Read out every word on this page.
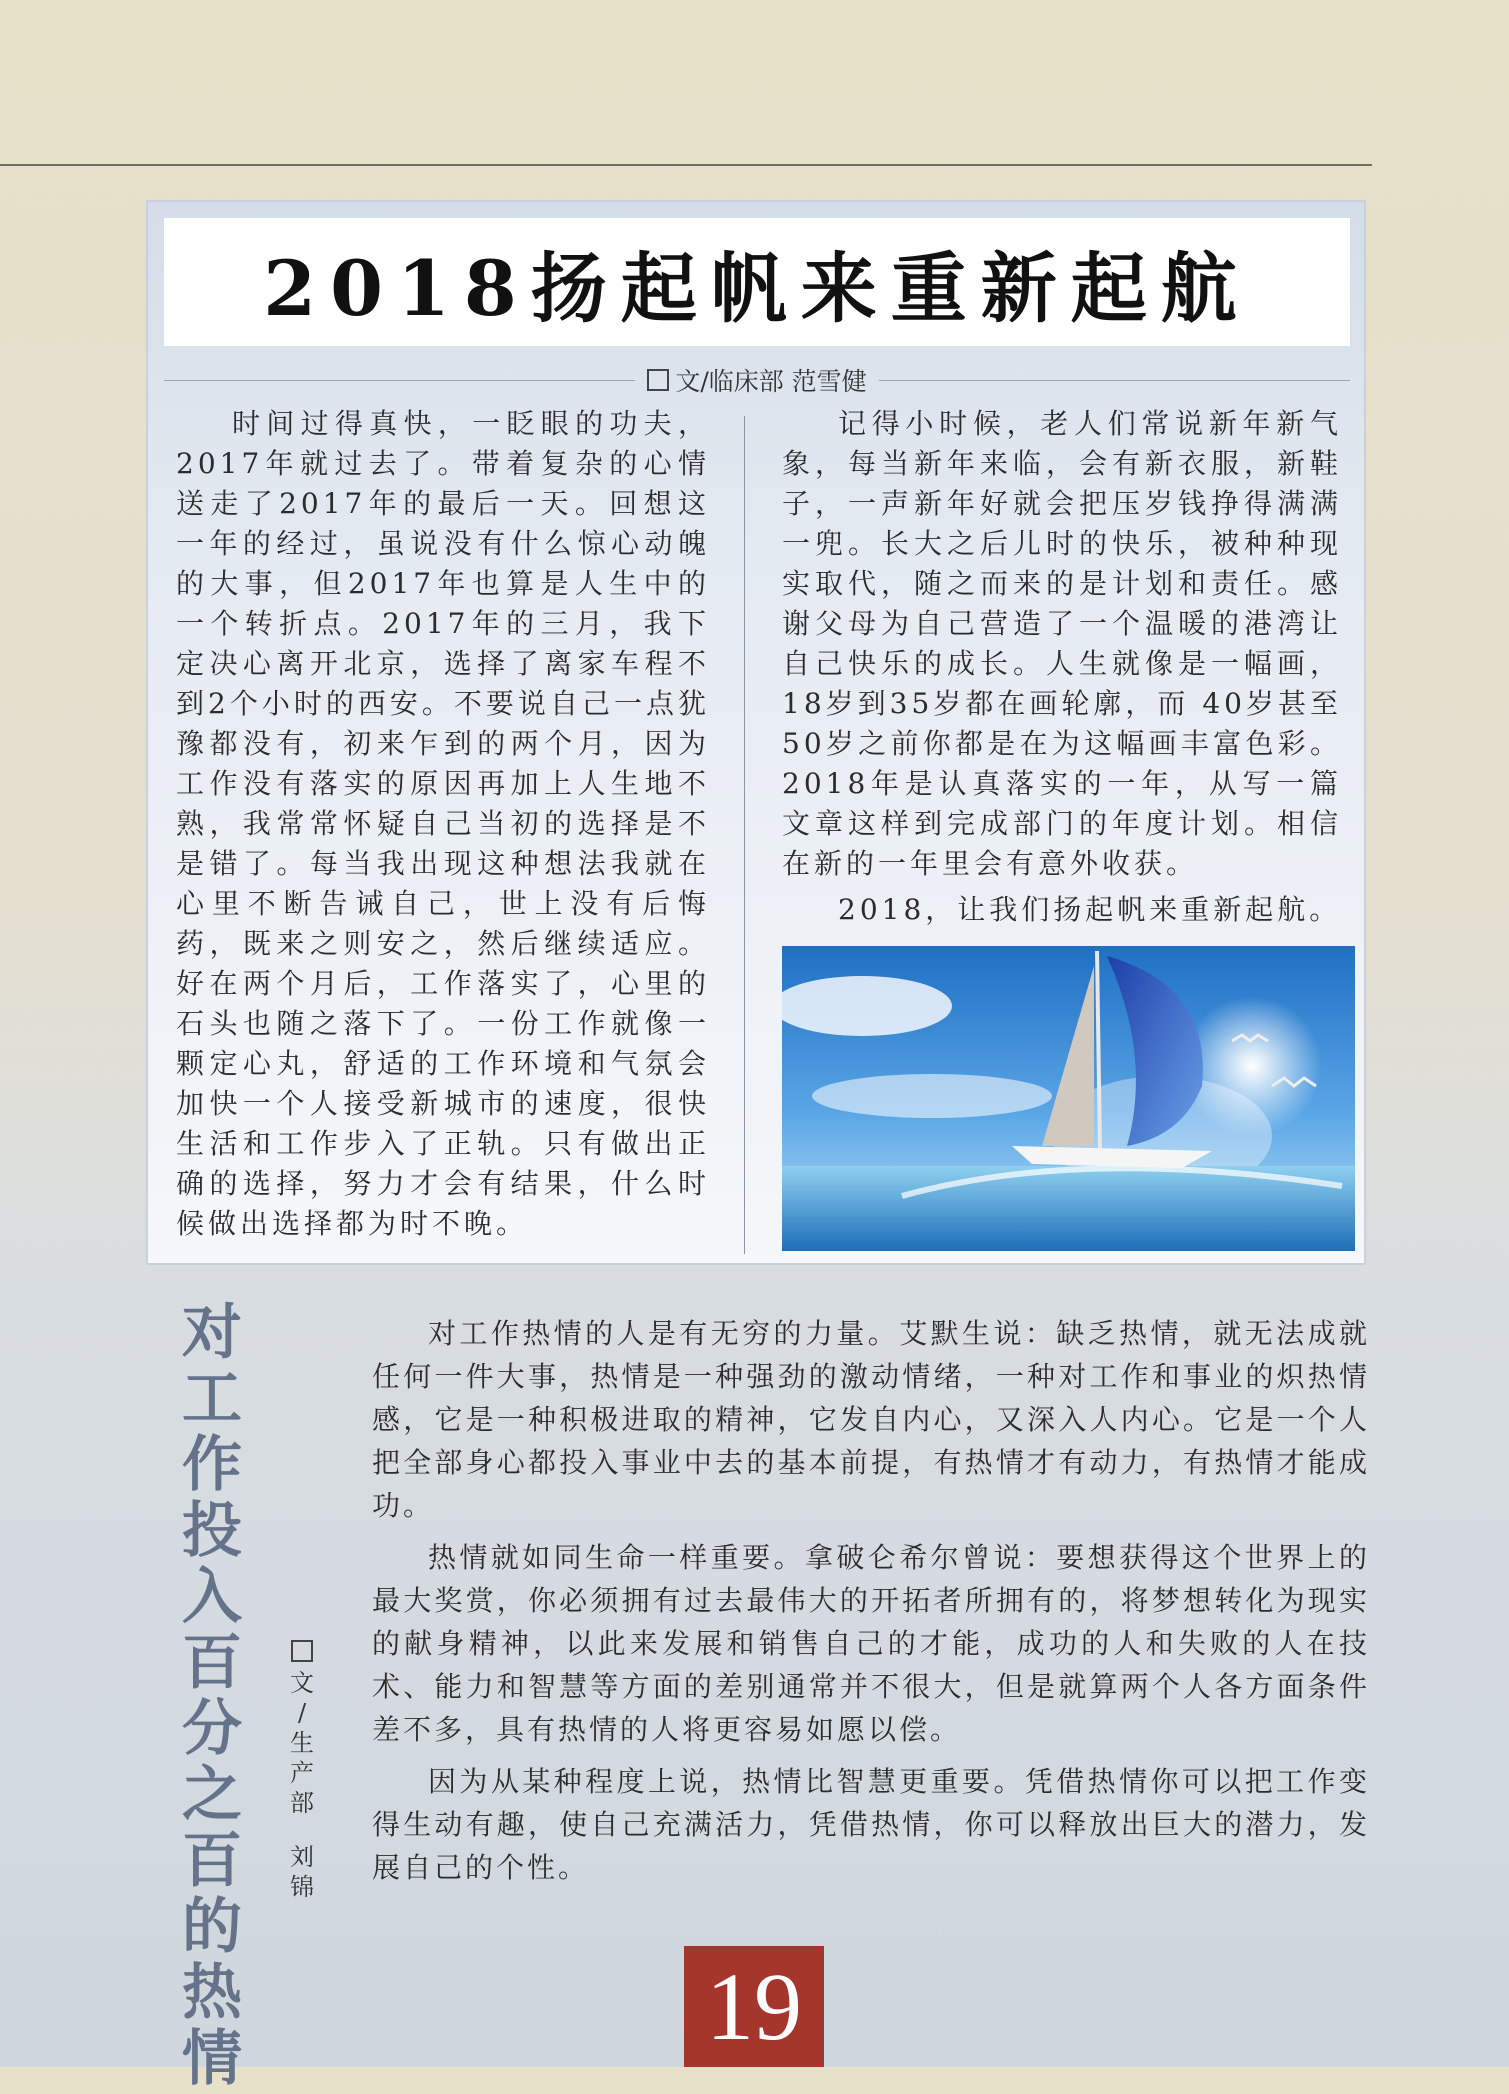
2018扬起帆来重新起航
文/临床部 范雪健

时间过得真快，一眨眼的功夫，2017年就过去了。带着复杂的心情送走了2017年的最后一天。回想这一年的经过，虽说没有什么惊心动魄的大事，但2017年也算是人生中的一个转折点。2017年的三月，我下定决心离开北京，选择了离家车程不到2个小时的西安。不要说自己一点犹豫都没有，初来乍到的两个月，因为工作没有落实的原因再加上人生地不熟，我常常怀疑自己当初的选择是不是错了。每当我出现这种想法我就在心里不断告诫自己，世上没有后悔药，既来之则安之，然后继续适应。好在两个月后，工作落实了，心里的石头也随之落下了。一份工作就像一颗定心丸，舒适的工作环境和气氛会加快一个人接受新城市的速度，很快生活和工作步入了正轨。只有做出正确的选择，努力才会有结果，什么时候做出选择都为时不晚。

记得小时候，老人们常说新年新气象，每当新年来临，会有新衣服，新鞋子，一声新年好就会把压岁钱挣得满满一兜。长大之后儿时的快乐，被种种现实取代，随之而来的是计划和责任。感谢父母为自己营造了一个温暖的港湾让自己快乐的成长。人生就像是一幅画，18岁到35岁都在画轮廓，而 40岁甚至50岁之前你都是在为这幅画丰富色彩。2018年是认真落实的一年，从写一篇文章这样到完成部门的年度计划。相信在新的一年里会有意外收获。

2018，让我们扬起帆来重新起航。

对
工
作
投
入
百
分
之
百
的
热
情
文
/
生
产
部
刘
锦

对工作热情的人是有无穷的力量。艾默生说：缺乏热情，就无法成就任何一件大事，热情是一种强劲的激动情绪，一种对工作和事业的炽热情感，它是一种积极进取的精神，它发自内心，又深入人内心。它是一个人把全部身心都投入事业中去的基本前提，有热情才有动力，有热情才能成功。

热情就如同生命一样重要。拿破仑希尔曾说：要想获得这个世界上的最大奖赏，你必须拥有过去最伟大的开拓者所拥有的，将梦想转化为现实的献身精神，以此来发展和销售自己的才能，成功的人和失败的人在技术、能力和智慧等方面的差别通常并不很大，但是就算两个人各方面条件差不多，具有热情的人将更容易如愿以偿。

因为从某种程度上说，热情比智慧更重要。凭借热情你可以把工作变得生动有趣，使自己充满活力，凭借热情，你可以释放出巨大的潜力，发展自己的个性。

19
